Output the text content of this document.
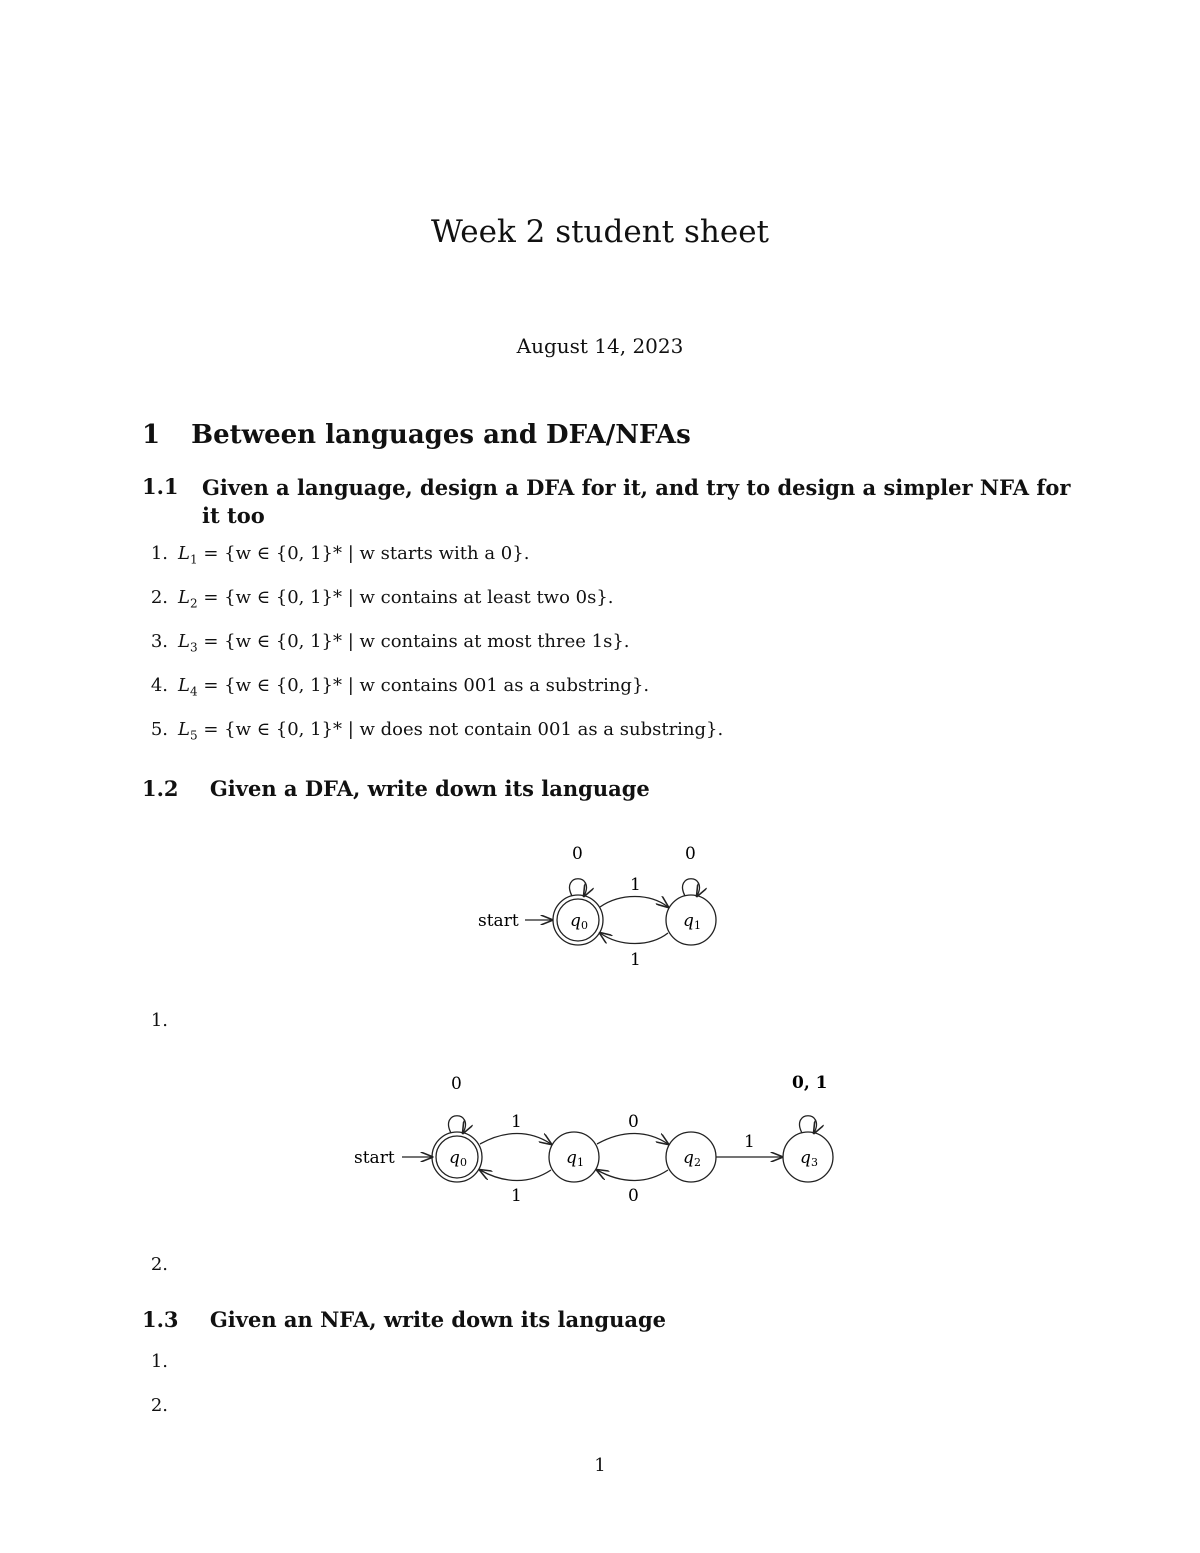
Week 2 student sheet
August 14, 2023
1 Between languages and DFA/NFAs
1.1 Given a language, design a DFA for it, and try to design a simpler NFA for
it too
1. $L_1 = \{w$ ∈ {0, 1}* | w starts with a 0}.
2. $L_2 = \{w$ ∈ {0, 1}* | w contains at least two 0s}.
3. $L_3 = \{w$ ∈ {0, 1}* | w contains at most three 1s}.
4. $L_4 = \{w$ ∈ {0, 1}* | w contains 001 as a substring}.
5. $L_5 = \{w$ ∈ {0, 1}* | w does not contain 001 as a substring}.
1.2 Given a DFA, write down its language
start	q 0	q 1
0	0
1
1
1.
start	q 0	q 1	q 2	q 3
0	0, 1
1
1
0
0
1
2.
1.3 Given an NFA, write down its language
1.
2.
1
